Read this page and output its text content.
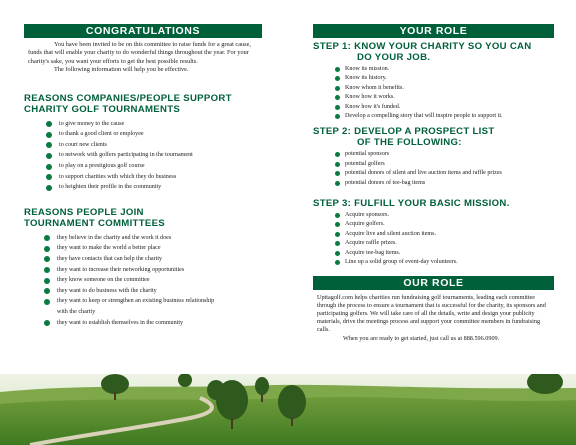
CONGRATULATIONS

You have been invited to be on this committee to raise funds for a great cause, funds that will enable your charity to do wonderful things throughout the year. For your charity's sake, you want your efforts to get the best possible results.

The following information will help you be effective.

REASONS COMPANIES/PEOPLE SUPPORT
CHARITY GOLF TOURNAMENTS
to give money to the cause
to thank a good client or employee
to court new clients
to network with golfers participating in the tournament
to play on a prestigious golf course
to support charities with which they do business
to heighten their profile in the community
REASONS PEOPLE JOIN
TOURNAMENT COMMITTEES
they believe in the charity and the work it does
they want to make the world a better place
they have contacts that can help the charity
they want to increase their networking opportunities
they know someone on the committee
they want to do business with the charity
they want to keep or strengthen an existing business relationship
with the charity
they want to establish themselves in the community
YOUR ROLE
STEP 1: KNOW YOUR CHARITY SO YOU CAN
DO YOUR JOB.
Know its mission.
Know its history.
Know whom it benefits.
Know how it works.
Know how it's funded.
Develop a compelling story that will inspire people to support it.
STEP 2: DEVELOP A PROSPECT LIST
OF THE FOLLOWING:
potential sponsors
potential golfers
potential donors of silent and live auction items and raffle prizes
potential donors of tee-bag items
STEP 3: FULFILL YOUR BASIC MISSION.
Acquire sponsors.
Acquire golfers.
Acquire live and silent auction items.
Acquire raffle prizes.
Acquire tee-bag items.
Line up a solid group of event-day volunteers.
OUR ROLE
Upttagolf.com helps charities run fundraising golf tournaments, leading each committee through the process to ensure a tournament that is successful for the charity, its sponsors and participating golfers. We will take care of all the details, write and design your publicity materials, drive the meetings process and support your committee members in fundraising calls.
When you are ready to get started, just call us at 888.596.0909.
